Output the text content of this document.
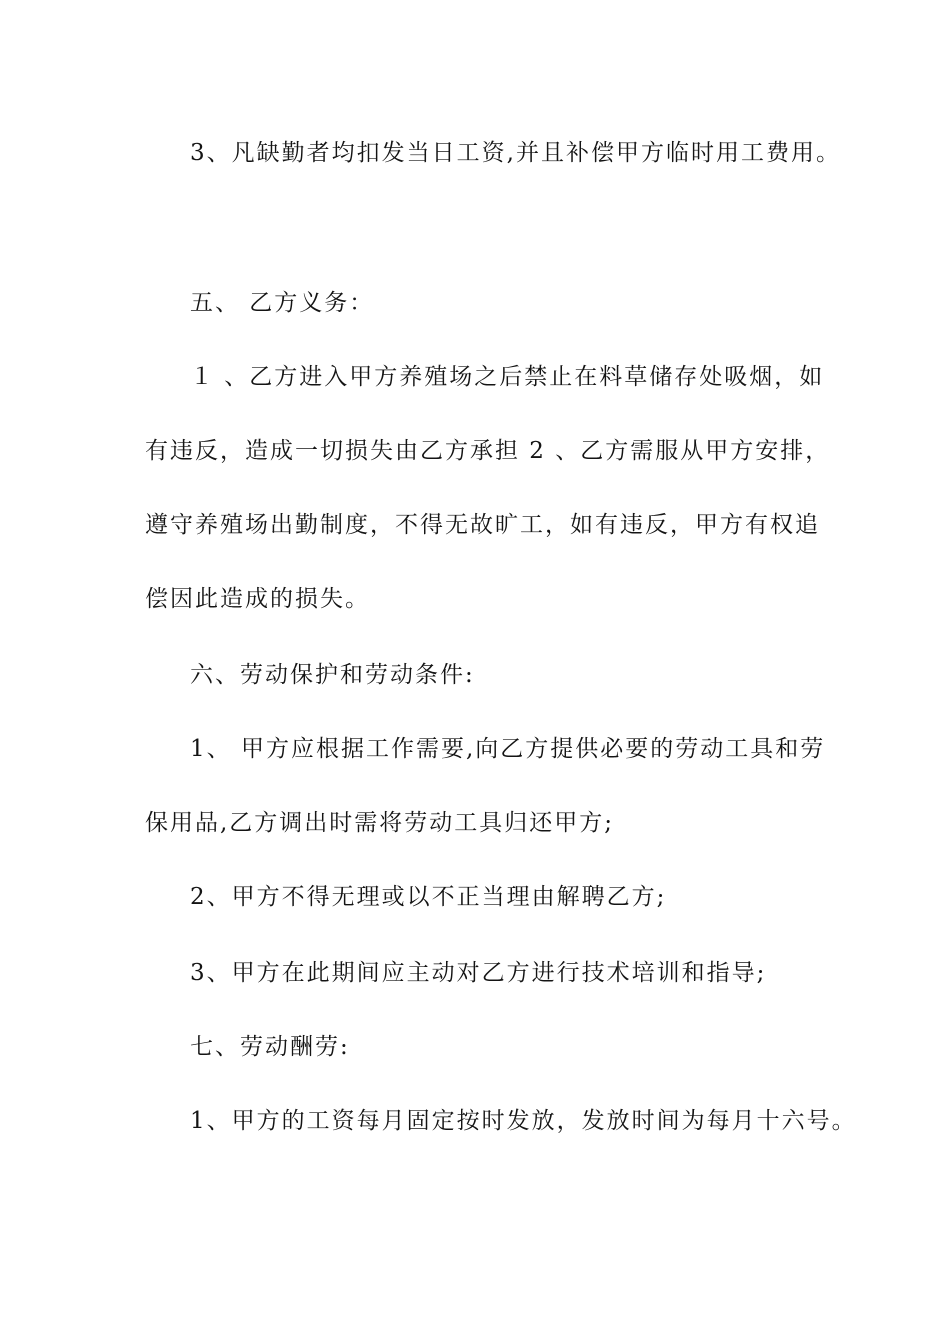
3、凡缺勤者均扣发当日工资,并且补偿甲方临时用工费用。
五、 乙方义务：
１ 、乙方进入甲方养殖场之后禁止在料草储存处吸烟，如
有违反，造成一切损失由乙方承担 2 、乙方需服从甲方安排，
遵守养殖场出勤制度，不得无故旷工，如有违反，甲方有权追
偿因此造成的损失。
六、劳动保护和劳动条件:
1、 甲方应根据工作需要,向乙方提供必要的劳动工具和劳
保用品,乙方调出时需将劳动工具归还甲方;
2、甲方不得无理或以不正当理由解聘乙方;
3、甲方在此期间应主动对乙方进行技术培训和指导;
七、劳动酬劳:
1、甲方的工资每月固定按时发放，发放时间为每月十六号。
